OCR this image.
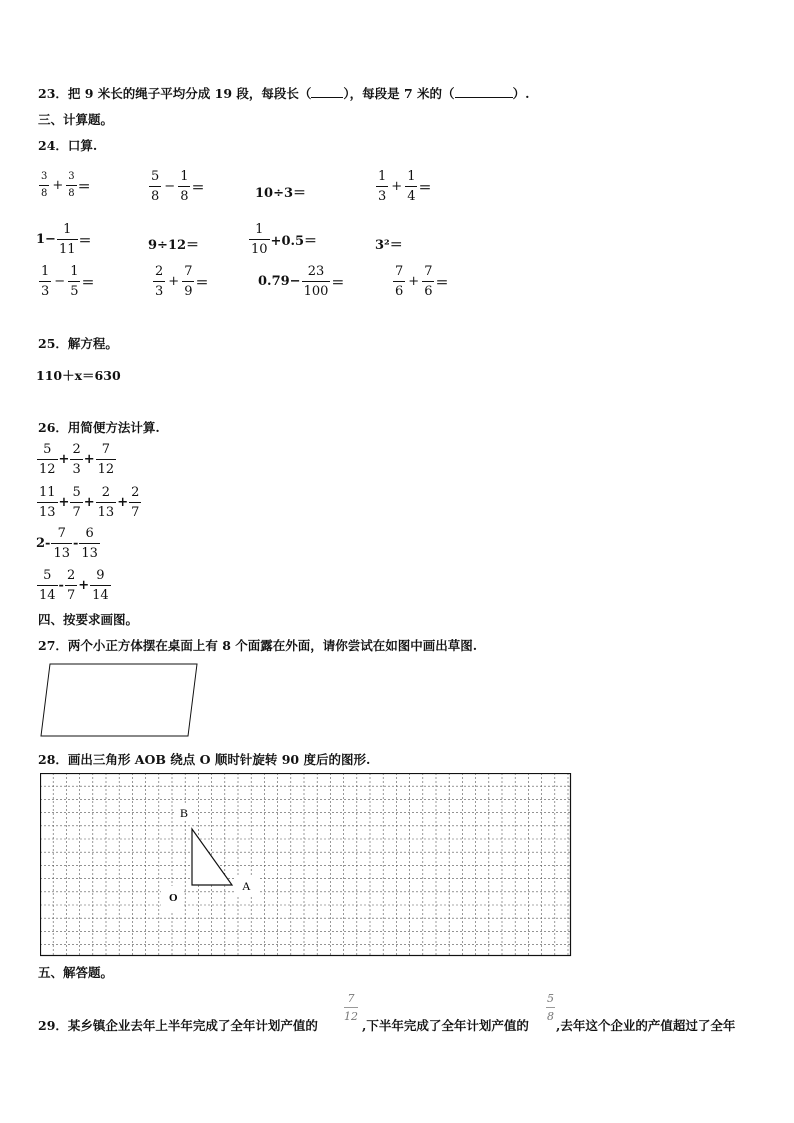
23．把 9 米长的绳子平均分成 19 段，每段长（	），每段是 7 米的（	）.
三、计算题。
24．口算.
$\frac{3}{8} + \frac{3}{8}$ ＝	$\frac{5}{8} - \frac{1}{8}$ ＝	10÷3＝	$\frac{1}{3} + \frac{1}{4}$ ＝
$1- \frac{1}{11}$ ＝	9÷12＝	$\frac{1}{10} +0.5=$	3²＝
$\frac{1}{3} - \frac{1}{5}$ ＝	$\frac{2}{3} + \frac{7}{9}$ ＝	$0.79- \frac{23}{100}$ ＝	$\frac{7}{6} + \frac{7}{6}$ ＝
25．解方程。
110＋x＝630
26．用简便方法计算.
$\frac{5}{12} + \frac{2}{3} + \frac{7}{12}$
$\frac{11}{13} + \frac{5}{7} + \frac{2}{13} + \frac{2}{7}$
$2- \frac{7}{13} - \frac{6}{13}$
$\frac{5}{14} - \frac{2}{7} + \frac{9}{14}$
四、按要求画图。
27．两个小正方体摆在桌面上有 8 个面露在外面，请你尝试在如图中画出草图.
28．画出三角形 AOB 绕点 O 顺时针旋转 90 度后的图形.
B
A
O
五、解答题。
29．某乡镇企业去年上半年完成了全年计划产值的
7
12
,下半年完成了全年计划产值的
5
8
,去年这个企业的产值超过了全年
